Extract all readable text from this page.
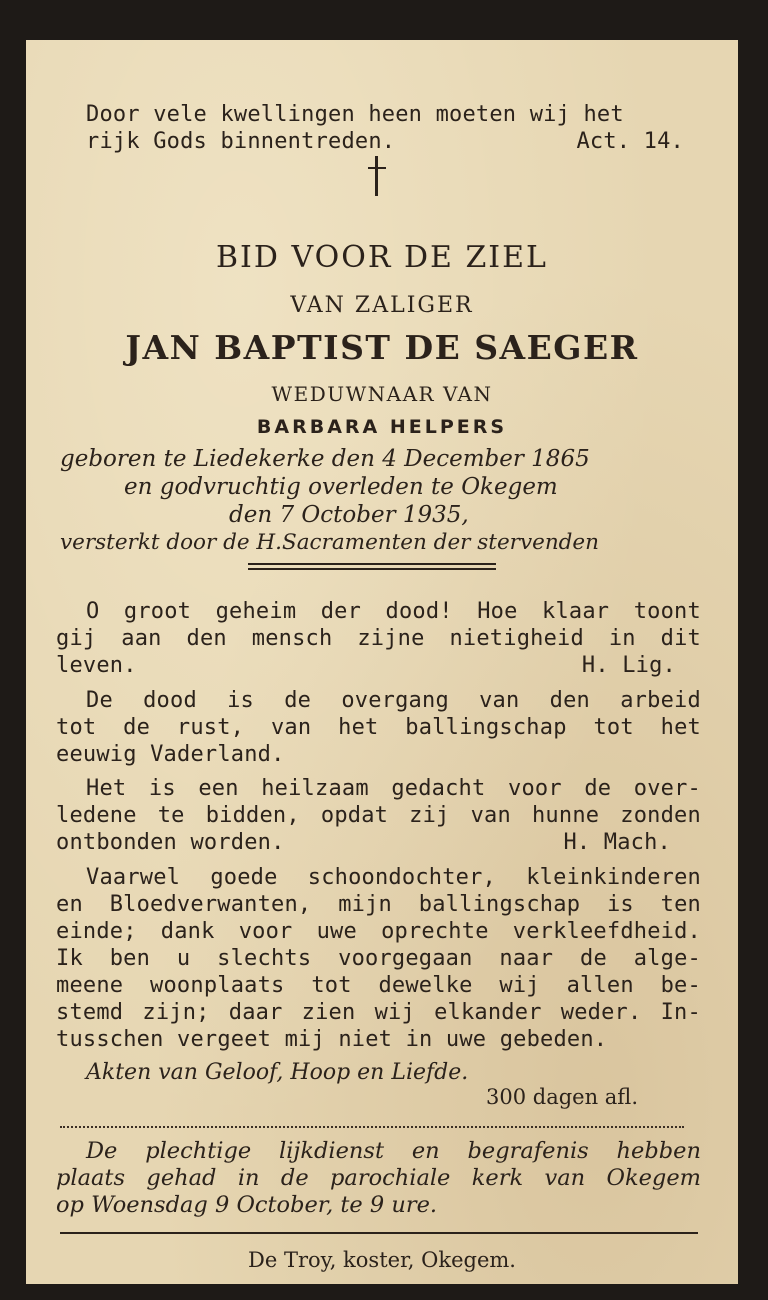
Door vele kwellingen heen moeten wij het
rijk Gods binnentreden.	Act. 14.
BID VOOR DE ZIEL
VAN ZALIGER
JAN BAPTIST DE SAEGER
WEDUWNAAR VAN
BARBARA HELPERS
geboren te Liedekerke den 4 December 1865
en godvruchtig overleden te Okegem
den 7 October 1935,
versterkt door de H.Sacramenten der stervenden
O groot geheim der dood! Hoe klaar toont
gij aan den mensch zijne nietigheid in dit
leven.	H. Lig.
De dood is de overgang van den arbeid
tot de rust, van het ballingschap tot het
eeuwig Vaderland.
Het is een heilzaam gedacht voor de over-
ledene te bidden, opdat zij van hunne zonden
ontbonden worden.	H. Mach.
Vaarwel goede schoondochter, kleinkinderen
en Bloedverwanten, mijn ballingschap is ten
einde; dank voor uwe oprechte verkleefdheid.
Ik ben u slechts voorgegaan naar de alge-
meene woonplaats tot dewelke wij allen be-
stemd zijn; daar zien wij elkander weder. In-
tusschen vergeet mij niet in uwe gebeden.
Akten van Geloof, Hoop en Liefde.
300 dagen afl.
De plechtige lijkdienst en begrafenis hebben
plaats gehad in de parochiale kerk van Okegem
op Woensdag 9 October, te 9 ure.
De Troy, koster, Okegem.
